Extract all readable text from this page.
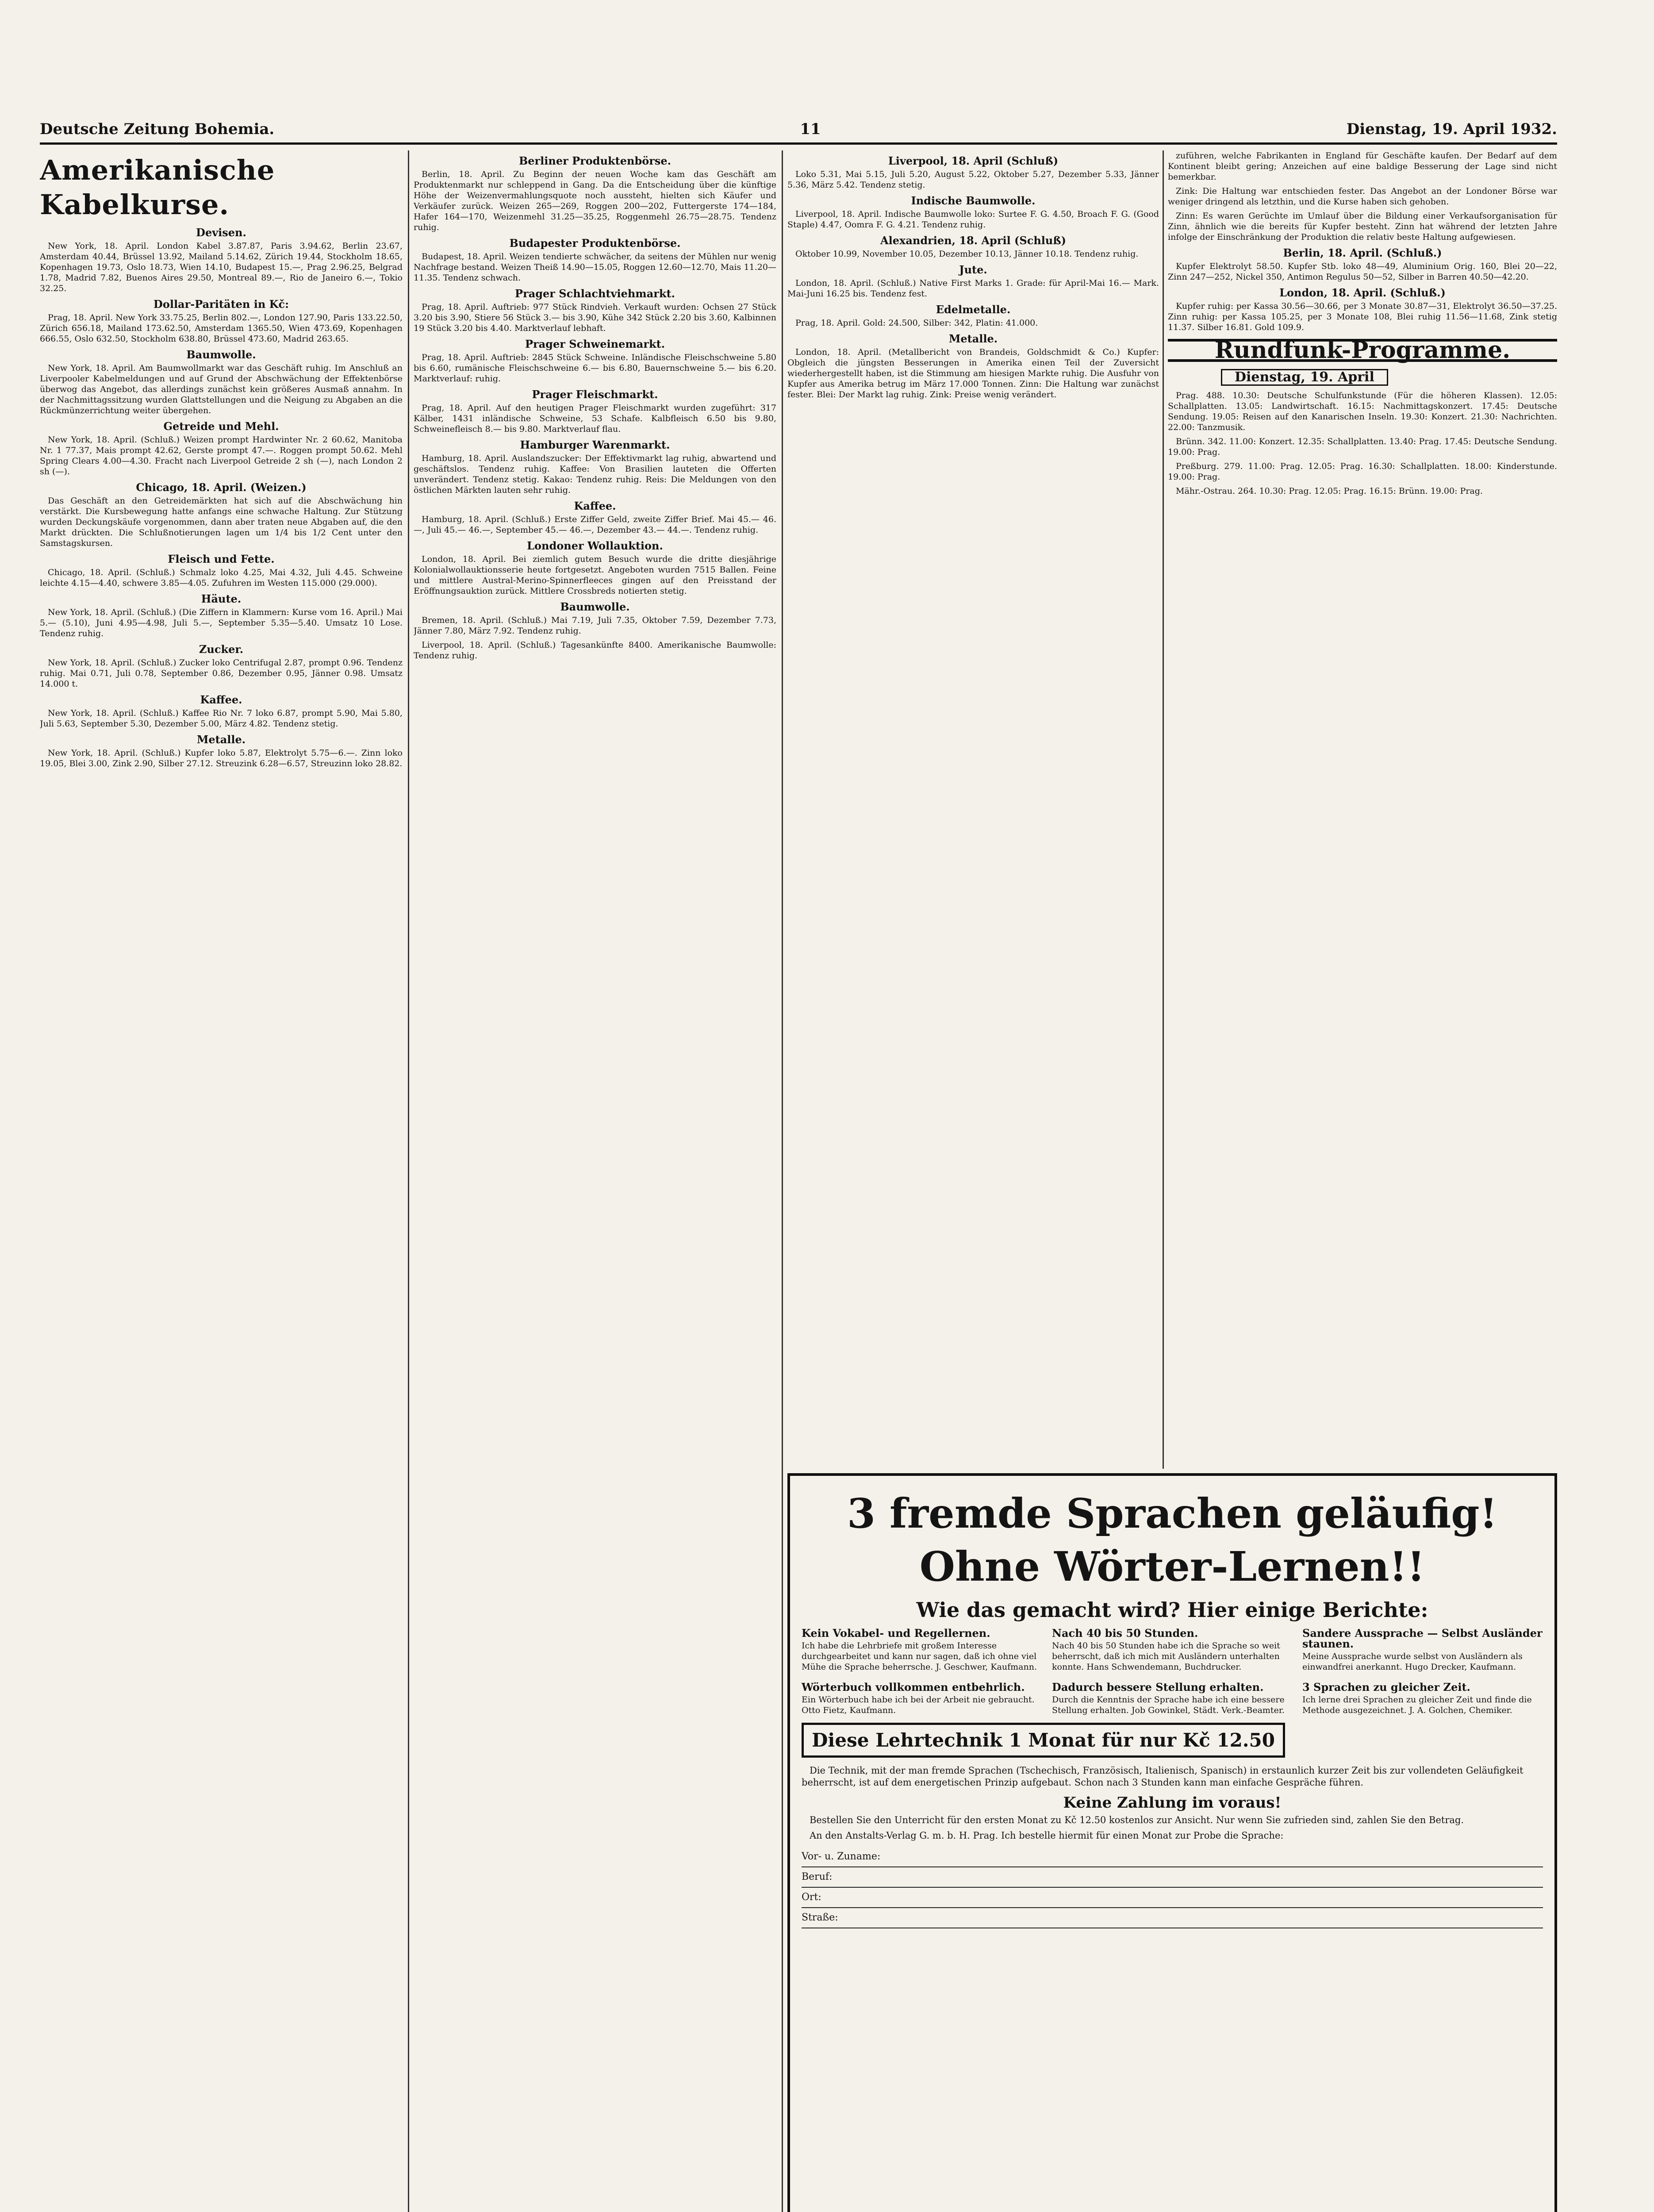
Deutsche Zeitung Bohemia.	11	Dienstag, 19. April 1932.
Amerikanische Kabelkurse.
Devisen.

New York, 18. April. London Kabel 3.87.87, Paris 3.94.62, Berlin 23.67, Amsterdam 40.44, Brüssel 13.92, Mailand 5.14.62, Zürich 19.44, Stockholm 18.65, Kopenhagen 19.73, Oslo 18.73, Wien 14.10, Budapest 15.—, Prag 2.96.25, Belgrad 1.78, Madrid 7.82, Buenos Aires 29.50, Montreal 89.—, Rio de Janeiro 6.—, Tokio 32.25.

Dollar-Paritäten in Kč:

Prag, 18. April. New York 33.75.25, Berlin 802.—, London 127.90, Paris 133.22.50, Zürich 656.18, Mailand 173.62.50, Amsterdam 1365.50, Wien 473.69, Kopenhagen 666.55, Oslo 632.50, Stockholm 638.80, Brüssel 473.60, Madrid 263.65.

Baumwolle.

New York, 18. April. Am Baumwollmarkt war das Geschäft ruhig. Im Anschluß an Liverpooler Kabelmeldungen und auf Grund der Abschwächung der Effektenbörse überwog das Angebot, das allerdings zunächst kein größeres Ausmaß annahm. In der Nachmittagssitzung wurden Glattstellungen und die Neigung zu Abgaben an die Rückmünzerrichtung weiter übergehen.

Getreide und Mehl.

New York, 18. April. (Schluß.) Weizen prompt Hardwinter Nr. 2 60.62, Manitoba Nr. 1 77.37, Mais prompt 42.62, Gerste prompt 47.—. Roggen prompt 50.62. Mehl Spring Clears 4.00—4.30. Fracht nach Liverpool Getreide 2 sh (—), nach London 2 sh (—).

Chicago, 18. April. (Weizen.)

Das Geschäft an den Getreidemärkten hat sich auf die Abschwächung hin verstärkt. Die Kursbewegung hatte anfangs eine schwache Haltung. Zur Stützung wurden Deckungskäufe vorgenommen, dann aber traten neue Abgaben auf, die den Markt drückten. Die Schlußnotierungen lagen um 1/4 bis 1/2 Cent unter den Samstagskursen.

Fleisch und Fette.

Chicago, 18. April. (Schluß.) Schmalz loko 4.25, Mai 4.32, Juli 4.45. Schweine leichte 4.15—4.40, schwere 3.85—4.05. Zufuhren im Westen 115.000 (29.000).

Häute.

New York, 18. April. (Schluß.) (Die Ziffern in Klammern: Kurse vom 16. April.) Mai 5.— (5.10), Juni 4.95—4.98, Juli 5.—, September 5.35—5.40. Umsatz 10 Lose. Tendenz ruhig.

Zucker.

New York, 18. April. (Schluß.) Zucker loko Centrifugal 2.87, prompt 0.96. Tendenz ruhig. Mai 0.71, Juli 0.78, September 0.86, Dezember 0.95, Jänner 0.98. Umsatz 14.000 t.

Kaffee.

New York, 18. April. (Schluß.) Kaffee Rio Nr. 7 loko 6.87, prompt 5.90, Mai 5.80, Juli 5.63, September 5.30, Dezember 5.00, März 4.82. Tendenz stetig.

Metalle.

New York, 18. April. (Schluß.) Kupfer loko 5.87, Elektrolyt 5.75—6.—. Zinn loko 19.05, Blei 3.00, Zink 2.90, Silber 27.12. Streuzink 6.28—6.57, Streuzinn loko 28.82.

Berliner Produktenbörse.

Berlin, 18. April. Zu Beginn der neuen Woche kam das Geschäft am Produktenmarkt nur schleppend in Gang. Da die Entscheidung über die künftige Höhe der Weizenvermahlungsquote noch aussteht, hielten sich Käufer und Verkäufer zurück. Weizen 265—269, Roggen 200—202, Futtergerste 174—184, Hafer 164—170, Weizenmehl 31.25—35.25, Roggenmehl 26.75—28.75. Tendenz ruhig.

Budapester Produktenbörse.

Budapest, 18. April. Weizen tendierte schwächer, da seitens der Mühlen nur wenig Nachfrage bestand. Weizen Theiß 14.90—15.05, Roggen 12.60—12.70, Mais 11.20—11.35. Tendenz schwach.

Prager Schlachtviehmarkt.

Prag, 18. April. Auftrieb: 977 Stück Rindvieh. Verkauft wurden: Ochsen 27 Stück 3.20 bis 3.90, Stiere 56 Stück 3.— bis 3.90, Kühe 342 Stück 2.20 bis 3.60, Kalbinnen 19 Stück 3.20 bis 4.40. Marktverlauf lebhaft.

Prager Schweinemarkt.

Prag, 18. April. Auftrieb: 2845 Stück Schweine. Inländische Fleischschweine 5.80 bis 6.60, rumänische Fleischschweine 6.— bis 6.80, Bauernschweine 5.— bis 6.20. Marktverlauf: ruhig.

Prager Fleischmarkt.

Prag, 18. April. Auf den heutigen Prager Fleischmarkt wurden zugeführt: 317 Kälber, 1431 inländische Schweine, 53 Schafe. Kalbfleisch 6.50 bis 9.80, Schweinefleisch 8.— bis 9.80. Marktverlauf flau.

Hamburger Warenmarkt.

Hamburg, 18. April. Auslandszucker: Der Effektivmarkt lag ruhig, abwartend und geschäftslos. Tendenz ruhig. Kaffee: Von Brasilien lauteten die Offerten unverändert. Tendenz stetig. Kakao: Tendenz ruhig. Reis: Die Meldungen von den östlichen Märkten lauten sehr ruhig.

Kaffee.

Hamburg, 18. April. (Schluß.) Erste Ziffer Geld, zweite Ziffer Brief. Mai 45.— 46.—, Juli 45.— 46.—, September 45.— 46.—, Dezember 43.— 44.—. Tendenz ruhig.

Londoner Wollauktion.

London, 18. April. Bei ziemlich gutem Besuch wurde die dritte diesjährige Kolonialwollauktionsserie heute fortgesetzt. Angeboten wurden 7515 Ballen. Feine und mittlere Austral-Merino-Spinnerfleeces gingen auf den Preisstand der Eröffnungsauktion zurück. Mittlere Crossbreds notierten stetig.

Baumwolle.

Bremen, 18. April. (Schluß.) Mai 7.19, Juli 7.35, Oktober 7.59, Dezember 7.73, Jänner 7.80, März 7.92. Tendenz ruhig.

Liverpool, 18. April. (Schluß.) Tagesankünfte 8400. Amerikanische Baumwolle: Tendenz ruhig.

Liverpool, 18. April (Schluß)

Loko 5.31, Mai 5.15, Juli 5.20, August 5.22, Oktober 5.27, Dezember 5.33, Jänner 5.36, März 5.42. Tendenz stetig.

Indische Baumwolle.

Liverpool, 18. April. Indische Baumwolle loko: Surtee F. G. 4.50, Broach F. G. (Good Staple) 4.47, Oomra F. G. 4.21. Tendenz ruhig.

Alexandrien, 18. April (Schluß)

Oktober 10.99, November 10.05, Dezember 10.13, Jänner 10.18. Tendenz ruhig.

Jute.

London, 18. April. (Schluß.) Native First Marks 1. Grade: für April-Mai 16.— Mark. Mai-Juni 16.25 bis. Tendenz fest.

Edelmetalle.

Prag, 18. April. Gold: 24.500, Silber: 342, Platin: 41.000.

Metalle.

London, 18. April. (Metallbericht von Brandeis, Goldschmidt & Co.) Kupfer: Obgleich die jüngsten Besserungen in Amerika einen Teil der Zuversicht wiederhergestellt haben, ist die Stimmung am hiesigen Markte ruhig. Die Ausfuhr von Kupfer aus Amerika betrug im März 17.000 Tonnen. Zinn: Die Haltung war zunächst fester. Blei: Der Markt lag ruhig. Zink: Preise wenig verändert.

zuführen, welche Fabrikanten in England für Geschäfte kaufen. Der Bedarf auf dem Kontinent bleibt gering; Anzeichen auf eine baldige Besserung der Lage sind nicht bemerkbar.

Zink: Die Haltung war entschieden fester. Das Angebot an der Londoner Börse war weniger dringend als letzthin, und die Kurse haben sich gehoben.

Zinn: Es waren Gerüchte im Umlauf über die Bildung einer Verkaufsorganisation für Zinn, ähnlich wie die bereits für Kupfer besteht. Zinn hat während der letzten Jahre infolge der Einschränkung der Produktion die relativ beste Haltung aufgewiesen.

Berlin, 18. April. (Schluß.)

Kupfer Elektrolyt 58.50. Kupfer Stb. loko 48—49, Aluminium Orig. 160, Blei 20—22, Zinn 247—252, Nickel 350, Antimon Regulus 50—52, Silber in Barren 40.50—42.20.

London, 18. April. (Schluß.)

Kupfer ruhig: per Kassa 30.56—30.66, per 3 Monate 30.87—31, Elektrolyt 36.50—37.25. Zinn ruhig: per Kassa 105.25, per 3 Monate 108, Blei ruhig 11.56—11.68, Zink stetig 11.37. Silber 16.81. Gold 109.9.

Rundfunk-Programme.
Dienstag, 19. April

Prag. 488. 10.30: Deutsche Schulfunkstunde (Für die höheren Klassen). 12.05: Schallplatten. 13.05: Landwirtschaft. 16.15: Nachmittagskonzert. 17.45: Deutsche Sendung. 19.05: Reisen auf den Kanarischen Inseln. 19.30: Konzert. 21.30: Nachrichten. 22.00: Tanzmusik.

Brünn. 342. 11.00: Konzert. 12.35: Schallplatten. 13.40: Prag. 17.45: Deutsche Sendung. 19.00: Prag.

Preßburg. 279. 11.00: Prag. 12.05: Prag. 16.30: Schallplatten. 18.00: Kinderstunde. 19.00: Prag.

Mähr.-Ostrau. 264. 10.30: Prag. 12.05: Prag. 16.15: Brünn. 19.00: Prag.

3 fremde Sprachen geläufig!
Ohne Wörter-Lernen!!
Wie das gemacht wird? Hier einige Berichte:
Kein Vokabel- und Regellernen.
Ich habe die Lehrbriefe mit großem Interesse durchgearbeitet und kann nur sagen, daß ich ohne viel Mühe die Sprache beherrsche. J. Geschwer, Kaufmann.
Nach 40 bis 50 Stunden.
Nach 40 bis 50 Stunden habe ich die Sprache so weit beherrscht, daß ich mich mit Ausländern unterhalten konnte. Hans Schwendemann, Buchdrucker.
Sandere Aussprache — Selbst Ausländer staunen.
Meine Aussprache wurde selbst von Ausländern als einwandfrei anerkannt. Hugo Drecker, Kaufmann.
Wörterbuch vollkommen entbehrlich.
Ein Wörterbuch habe ich bei der Arbeit nie gebraucht. Otto Fietz, Kaufmann.
Dadurch bessere Stellung erhalten.
Durch die Kenntnis der Sprache habe ich eine bessere Stellung erhalten. Job Gowinkel, Städt. Verk.-Beamter.
3 Sprachen zu gleicher Zeit.
Ich lerne drei Sprachen zu gleicher Zeit und finde die Methode ausgezeichnet. J. A. Golchen, Chemiker.
Diese Lehrtechnik 1 Monat für nur Kč 12.50

Die Technik, mit der man fremde Sprachen (Tschechisch, Französisch, Italienisch, Spanisch) in erstaunlich kurzer Zeit bis zur vollendeten Geläufigkeit beherrscht, ist auf dem energetischen Prinzip aufgebaut. Schon nach 3 Stunden kann man einfache Gespräche führen.

Keine Zahlung im voraus!

Bestellen Sie den Unterricht für den ersten Monat zu Kč 12.50 kostenlos zur Ansicht. Nur wenn Sie zufrieden sind, zahlen Sie den Betrag.

An den Anstalts-Verlag G. m. b. H. Prag. Ich bestelle hiermit für einen Monat zur Probe die Sprache:

Vor- u. Zuname:
Beruf:
Ort:
Straße:
